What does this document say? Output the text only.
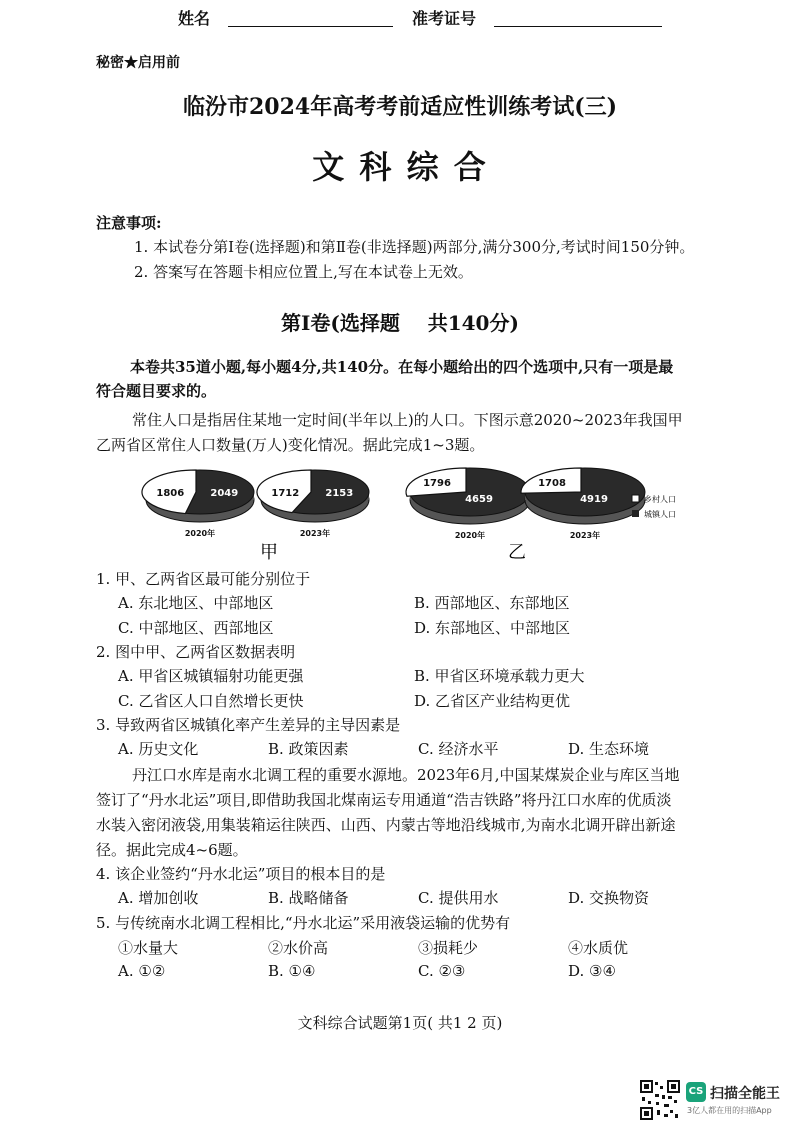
姓名	准考证号
秘密★启用前
临汾市2024年高考考前适应性训练考试(三)
文 科 综 合
注意事项:
1. 本试卷分第Ⅰ卷(选择题)和第Ⅱ卷(非选择题)两部分,满分300分,考试时间150分钟。
2. 答案写在答题卡相应位置上,写在本试卷上无效。
第Ⅰ卷(选择题    共140分)
本卷共35道小题,每小题4分,共140分。在每小题给出的四个选项中,只有一项是最
符合题目要求的。
常住人口是指居住某地一定时间(半年以上)的人口。下图示意2020~2023年我国甲
乙两省区常住人口数量(万人)变化情况。据此完成1~3题。
1806	2049
2020年
1712	2153
2023年
1796
4659
2020年
1708
4919
2023年
乡村人口
城镇人口
甲	乙
1. 甲、乙两省区最可能分别位于
A. 东北地区、中部地区	B. 西部地区、东部地区
C. 中部地区、西部地区	D. 东部地区、中部地区
2. 图中甲、乙两省区数据表明
A. 甲省区城镇辐射功能更强	B. 甲省区环境承载力更大
C. 乙省区人口自然增长更快	D. 乙省区产业结构更优
3. 导致两省区城镇化率产生差异的主导因素是
A. 历史文化	B. 政策因素	C. 经济水平	D. 生态环境
丹江口水库是南水北调工程的重要水源地。2023年6月,中国某煤炭企业与库区当地
签订了“丹水北运”项目,即借助我国北煤南运专用通道“浩吉铁路”将丹江口水库的优质淡
水装入密闭液袋,用集装箱运往陕西、山西、内蒙古等地沿线城市,为南水北调开辟出新途
径。据此完成4~6题。
4. 该企业签约“丹水北运”项目的根本目的是
A. 增加创收	B. 战略储备	C. 提供用水	D. 交换物资
5. 与传统南水北调工程相比,“丹水北运”采用液袋运输的优势有
①水量大	②水价高	③损耗少	④水质优
A. ①②	B. ①④	C. ②③	D. ③④
文科综合试题第1页( 共1 2 页)
CS 扫描全能王
3亿人都在用的扫描App
